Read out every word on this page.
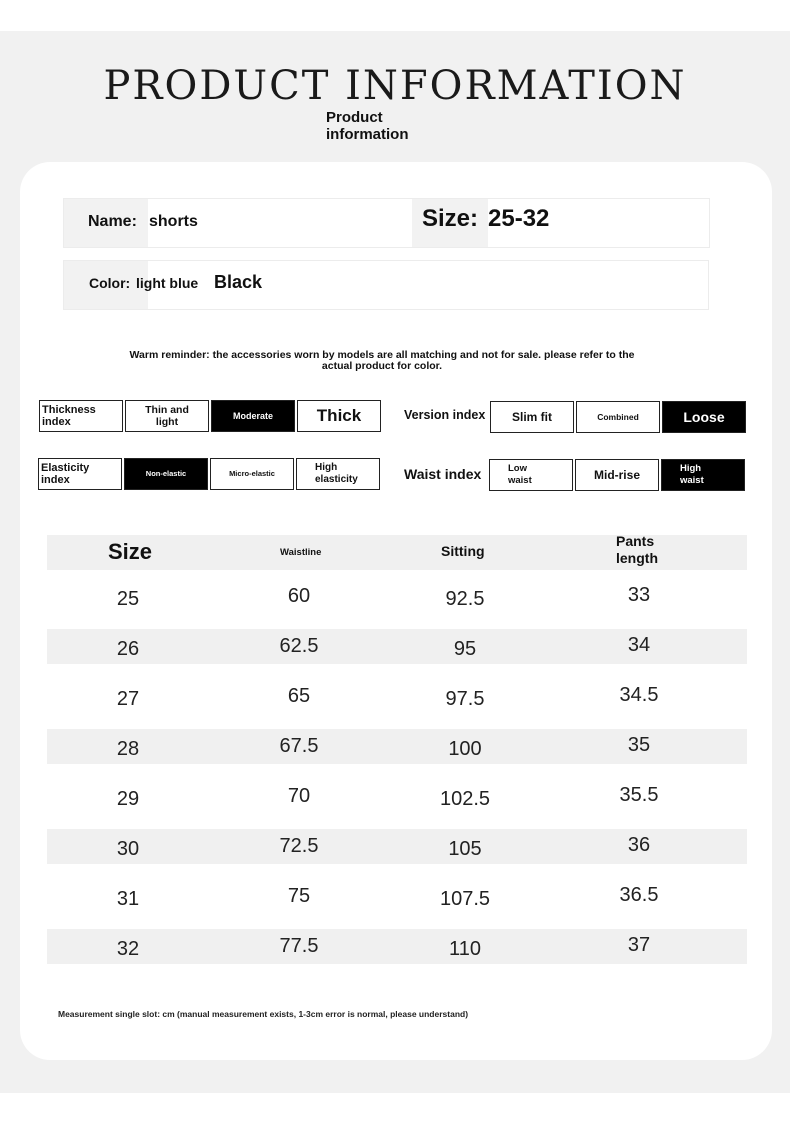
PRODUCT INFORMATION
Product
information
Name: shorts	Size: 25-32
Color: light blue Black
Warm reminder: the accessories worn by models are all matching and not for sale. please refer to the
actual product for color.
Thickness
index
Thin and light	Moderate	Thick	Version index	Slim fit	Combined	Loose
Elasticity index
Non-elastic	Micro-elastic
High elasticity	Waist index	Low waist	Mid-rise	High waist
Size	Waistline	Sitting
Pants
length
25	60	92.5	33
26	62.5	95	34
27	65	97.5	34.5
28	67.5	100	35
29	70	102.5	35.5
30	72.5	105	36
31	75	107.5	36.5
32	77.5	110	37
Measurement single slot: cm (manual measurement exists, 1-3cm error is normal, please understand)
